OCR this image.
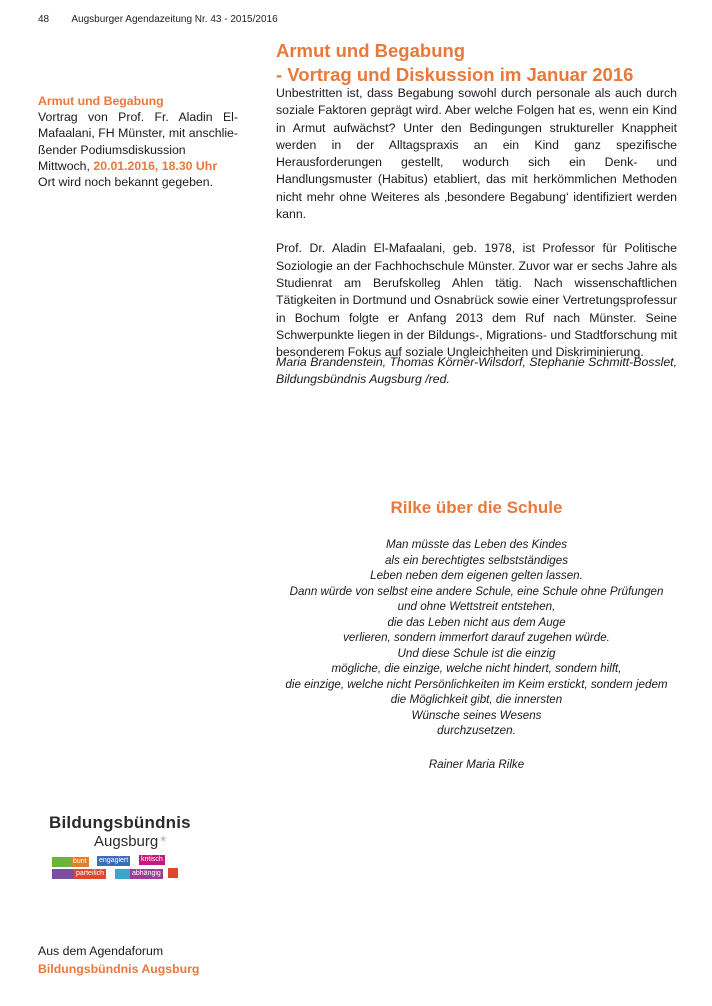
48 Augsburger Agendazeitung Nr. 43 - 2015/2016
Armut und Begabung
Vortrag von Prof. Fr. Aladin El-
Mafaalani, FH Münster, mit anschlie-
ßender Podiumsdiskussion
Mittwoch, 20.01.2016, 18.30 Uhr
Ort wird noch bekannt gegeben.
Armut und Begabung
- Vortrag und Diskussion im Januar 2016

Unbestritten ist, dass Begabung sowohl durch personale als auch durch soziale Faktoren geprägt wird. Aber welche Folgen hat es, wenn ein Kind in Armut aufwächst? Unter den Bedingungen struktureller Knappheit werden in der Alltagspraxis an ein Kind ganz spezifische Herausforderungen gestellt, wodurch sich ein Denk- und Handlungsmuster (Habitus) etabliert, das mit herkömmlichen Methoden nicht mehr ohne Weiteres als ‚besondere Begabung‘ identifiziert werden kann.

Prof. Dr. Aladin El-Mafaalani, geb. 1978, ist Professor für Politische Soziologie an der Fachhochschule Münster. Zuvor war er sechs Jahre als Studienrat am Berufskolleg Ahlen tätig. Nach wissenschaftlichen Tätigkeiten in Dortmund und Osnabrück sowie einer Vertretungsprofessur in Bochum folgte er Anfang 2013 dem Ruf nach Münster. Seine Schwerpunkte liegen in der Bildungs-, Migrations- und Stadtforschung mit besonderem Fokus auf soziale Ungleichheiten und Diskriminierung.

Maria Brandenstein, Thomas Körner-Wilsdorf, Stephanie Schmitt-Bosslet,
Bildungsbündnis Augsburg /red.
Rilke über die Schule
Man müsste das Leben des Kindes
als ein berechtigtes selbstständiges
Leben neben dem eigenen gelten lassen.
Dann würde von selbst eine andere Schule, eine Schule ohne Prüfungen
und ohne Wettstreit entstehen,
die das Leben nicht aus dem Auge
verlieren, sondern immerfort darauf zugehen würde.
Und diese Schule ist die einzig
mögliche, die einzige, welche nicht hindert, sondern hilft,
die einzige, welche nicht Persönlichkeiten im Keim erstickt, sondern jedem
die Möglichkeit gibt, die innersten
Wünsche seines Wesens
durchzusetzen.
Rainer Maria Rilke
Bildungsbündnis
Augsburg *
bunt engagiert kritisch
parteilich	abhängig
Aus dem Agendaforum
Bildungsbündnis Augsburg
